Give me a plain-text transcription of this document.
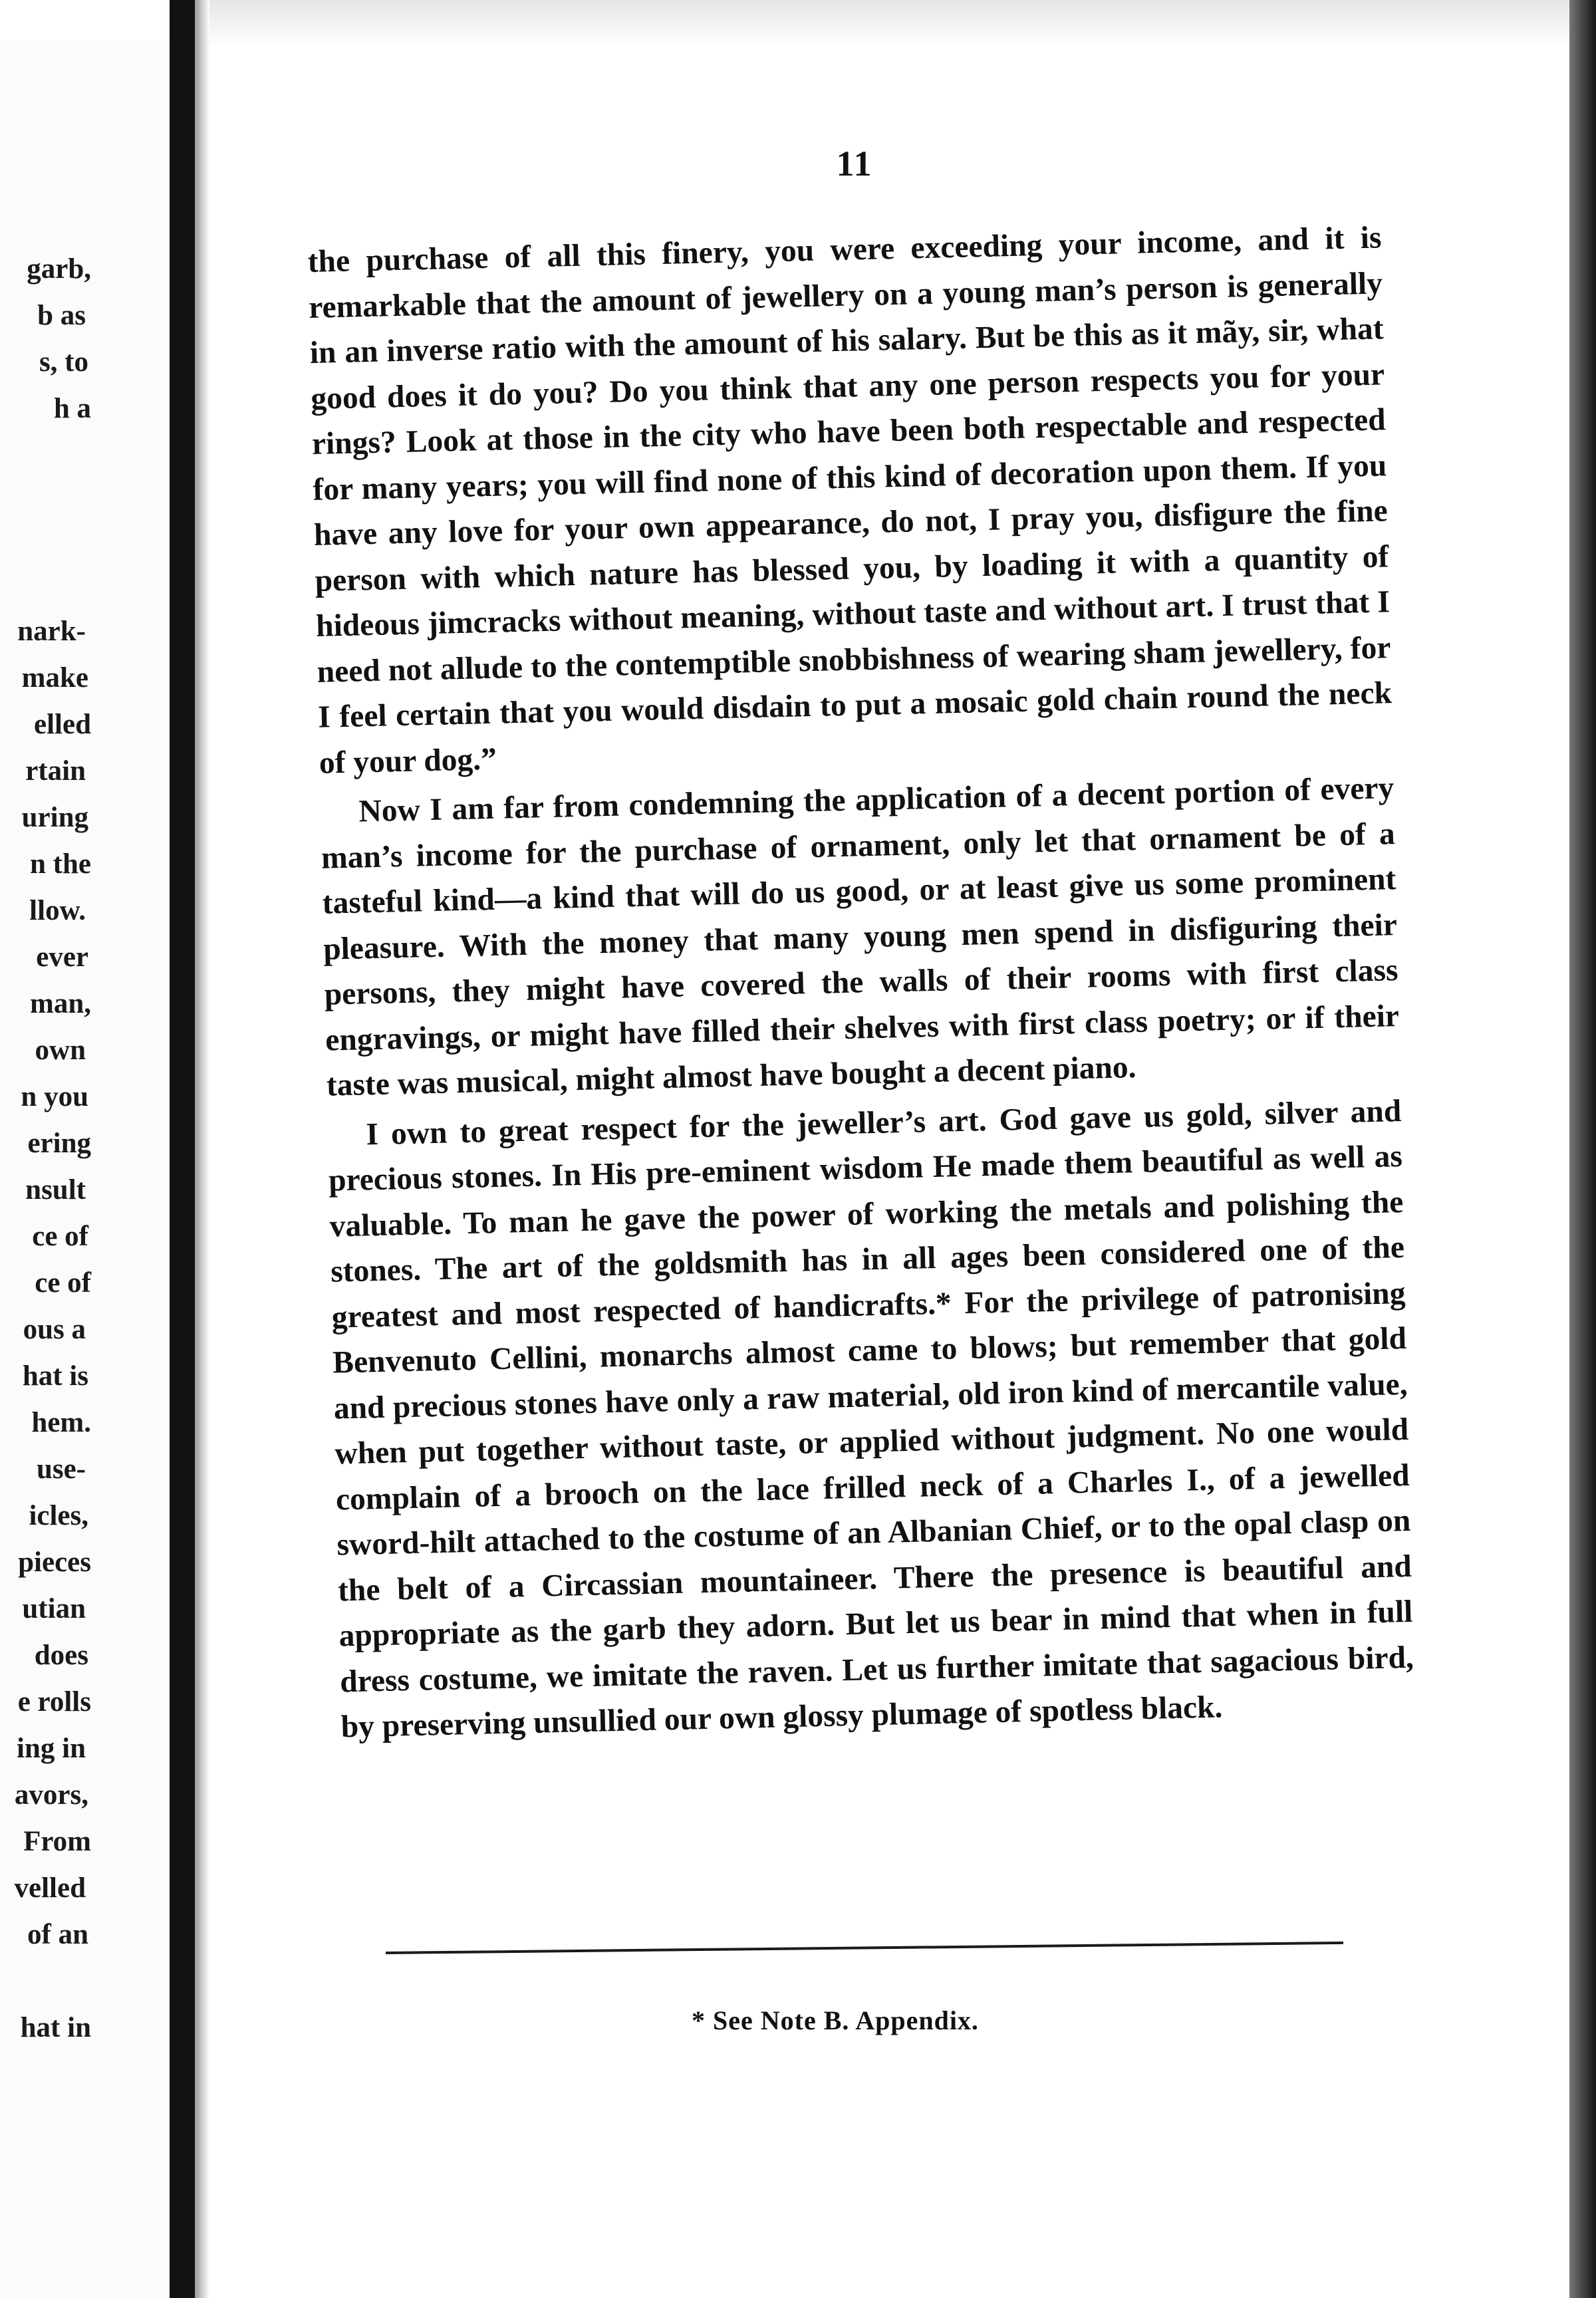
garb,
b as
s, to
h a
nark-
make
elled
rtain
uring
n the
llow.
ever
man,
own
n you
ering
nsult
ce of
ce of
ous a
hat is
hem.
use-
icles,
pieces
utian
does
e rolls
ing in
avors,
From
velled
of an
hat in
11

the purchase of all this finery, you were exceeding your income, and it is remarkable that the amount of jewellery on a young man’s person is generally in an inverse ratio with the amount of his salary. But be this as it mãy, sir, what good does it do you? Do you think that any one person respects you for your rings? Look at those in the city who have been both respectable and respected for many years; you will find none of this kind of decoration upon them. If you have any love for your own appearance, do not, I pray you, disfigure the fine person with which nature has blessed you, by loading it with a quantity of hideous jimcracks without meaning, without taste and without art. I trust that I need not allude to the contemptible snobbishness of wearing sham jewellery, for I feel certain that you would disdain to put a mosaic gold chain round the neck of your dog.”

Now I am far from condemning the application of a decent portion of every man’s income for the purchase of ornament, only let that ornament be of a tasteful kind—a kind that will do us good, or at least give us some prominent pleasure. With the money that many young men spend in disfiguring their persons, they might have covered the walls of their rooms with first class engravings, or might have filled their shelves with first class poetry; or if their taste was musical, might almost have bought a decent piano.

I own to great respect for the jeweller’s art. God gave us gold, silver and precious stones. In His pre-eminent wisdom He made them beautiful as well as valuable. To man he gave the power of working the metals and polishing the stones. The art of the goldsmith has in all ages been considered one of the greatest and most respected of handicrafts.* For the privilege of patronising Benvenuto Cellini, monarchs almost came to blows; but remember that gold and precious stones have only a raw material, old iron kind of mercantile value, when put together without taste, or applied without judgment. No one would complain of a brooch on the lace frilled neck of a Charles I., of a jewelled sword-hilt attached to the costume of an Albanian Chief, or to the opal clasp on the belt of a Circassian mountaineer. There the presence is beautiful and appropriate as the garb they adorn. But let us bear in mind that when in full dress costume, we imitate the raven. Let us further imitate that sagacious bird, by preserving unsullied our own glossy plumage of spotless black.

* See Note B. Appendix.
